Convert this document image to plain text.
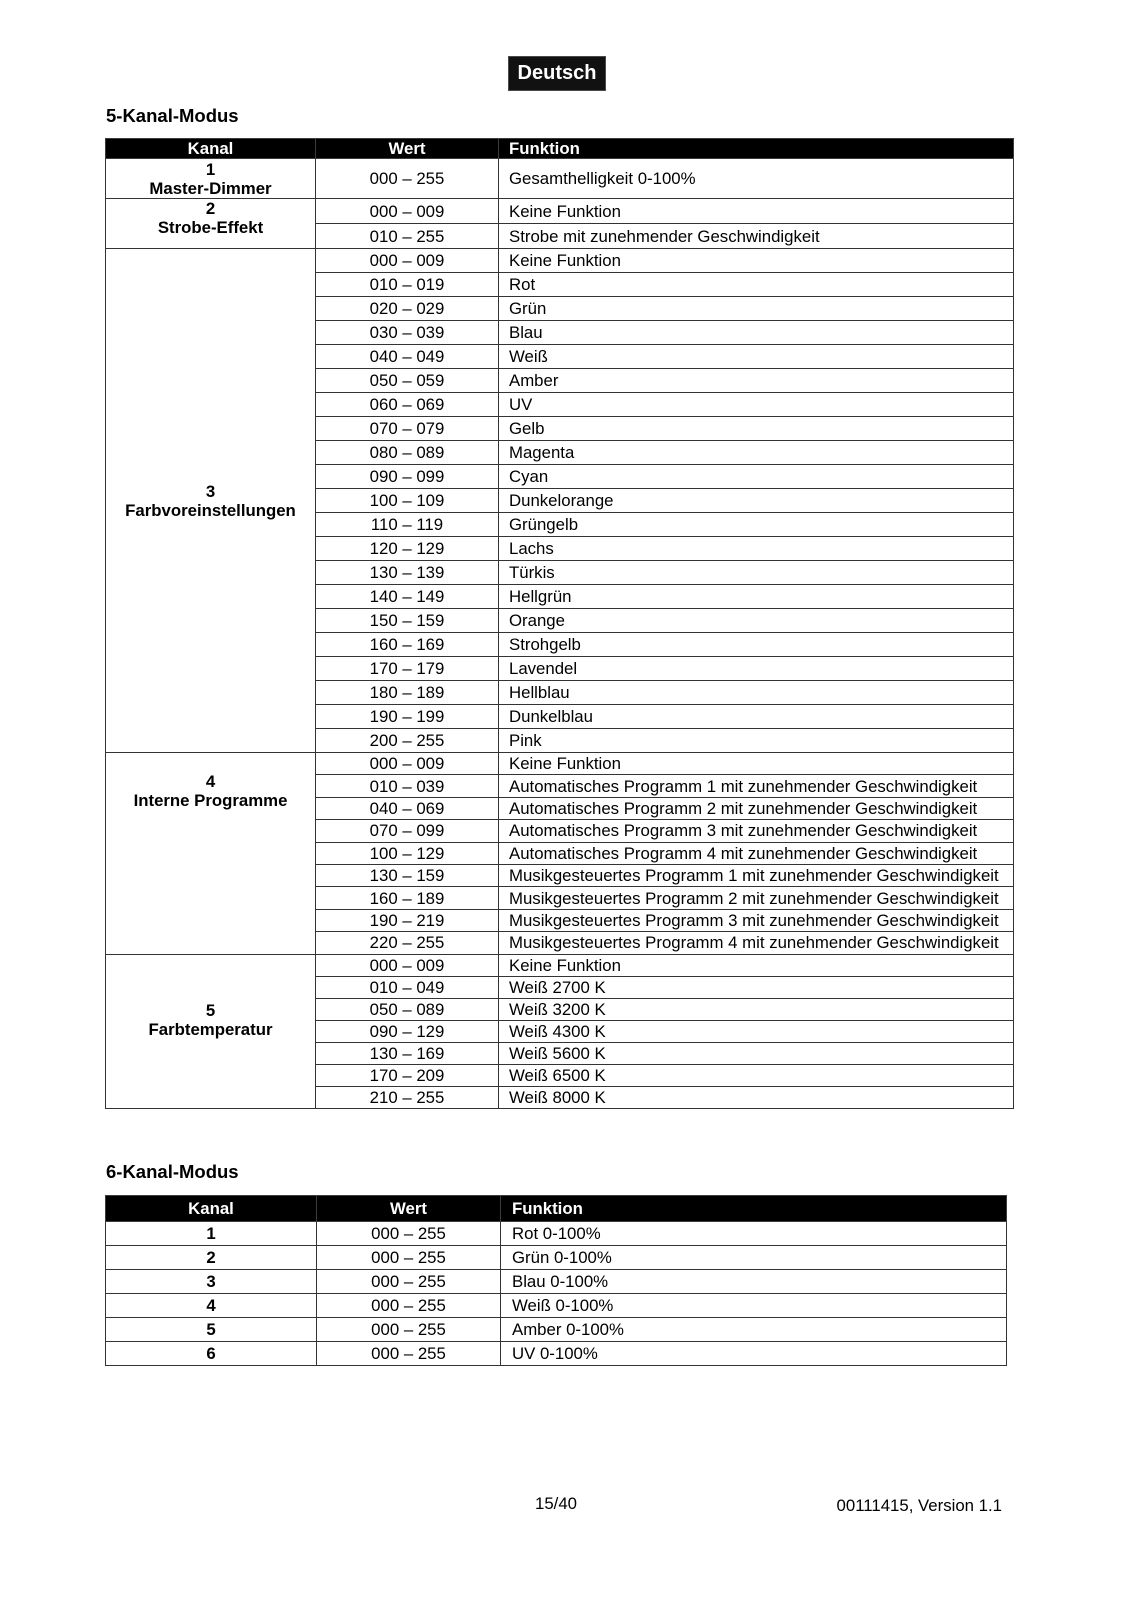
Deutsch
5-Kanal-Modus
Kanal	Wert	Funktion

1
Master-Dimmer	000 – 255	Gesamthelligkeit 0-100%

2
Strobe-Effekt	000 – 009	Keine Funktion
	010 – 255	Strobe mit zunehmender Geschwindigkeit

3
Farbvoreinstellungen	000 – 009	Keine Funktion
	010 – 019	Rot
	020 – 029	Grün
	030 – 039	Blau
	040 – 049	Weiß
	050 – 059	Amber
	060 – 069	UV
	070 – 079	Gelb
	080 – 089	Magenta
	090 – 099	Cyan
	100 – 109	Dunkelorange
	110 – 119	Grüngelb
	120 – 129	Lachs
	130 – 139	Türkis
	140 – 149	Hellgrün
	150 – 159	Orange
	160 – 169	Strohgelb
	170 – 179	Lavendel
	180 – 189	Hellblau
	190 – 199	Dunkelblau
	200 – 255	Pink

4
Interne Programme	000 – 009	Keine Funktion
	010 – 039	Automatisches Programm 1 mit zunehmender Geschwindigkeit
	040 – 069	Automatisches Programm 2 mit zunehmender Geschwindigkeit
	070 – 099	Automatisches Programm 3 mit zunehmender Geschwindigkeit
	100 – 129	Automatisches Programm 4 mit zunehmender Geschwindigkeit
	130 – 159	Musikgesteuertes Programm 1 mit zunehmender Geschwindigkeit
	160 – 189	Musikgesteuertes Programm 2 mit zunehmender Geschwindigkeit
	190 – 219	Musikgesteuertes Programm 3 mit zunehmender Geschwindigkeit
	220 – 255	Musikgesteuertes Programm 4 mit zunehmender Geschwindigkeit

5
Farbtemperatur	000 – 009	Keine Funktion
	010 – 049	Weiß 2700 K
	050 – 089	Weiß 3200 K
	090 – 129	Weiß 4300 K
	130 – 169	Weiß 5600 K
	170 – 209	Weiß 6500 K
	210 – 255	Weiß 8000 K
6-Kanal-Modus
Kanal	Wert	Funktion
1	000 – 255	Rot 0-100%
2	000 – 255	Grün 0-100%
3	000 – 255	Blau 0-100%
4	000 – 255	Weiß 0-100%
5	000 – 255	Amber 0-100%
6	000 – 255	UV 0-100%
15/40	00111415, Version 1.1
